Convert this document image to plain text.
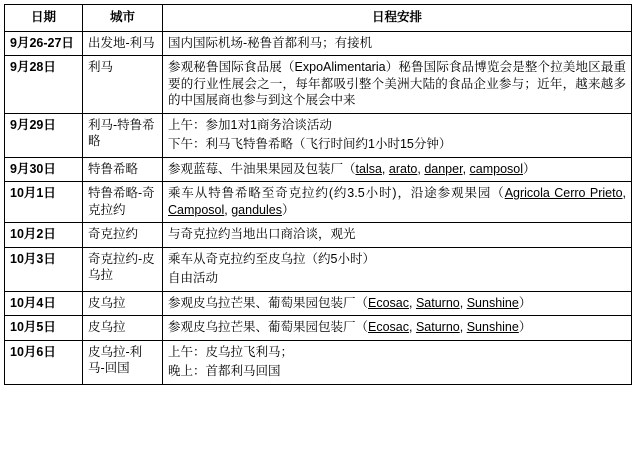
日期	城市	日程安排
9月26-27日	出发地-利马	国内国际机场-秘鲁首都利马；有接机

9月28日	利马	参观秘鲁国际食品展（ExpoAlimentaria）秘鲁国际食品博览会是整个拉美地区最重要的行业性展会之一，每年都吸引整个美洲大陆的食品企业参与；近年，越来越多的中国展商也参与到这个展会中来

9月29日	利马-特鲁希略	上午：参加1对1商务洽谈活动
下午：利马飞特鲁希略（飞行时间约1小时15分钟）

9月30日	特鲁希略	参观蓝莓、牛油果果园及包装厂（talsa, arato, danper, camposol）

10月1日	特鲁希略-奇克拉约	乘车从特鲁希略至奇克拉约(约3.5小时)，沿途参观果园（Agricola Cerro Prieto, Camposol, gandules）

10月2日	奇克拉约	与奇克拉约当地出口商洽谈，观光

10月3日	奇克拉约-皮乌拉	乘车从奇克拉约至皮乌拉（约5小时）
自由活动

10月4日	皮乌拉	参观皮乌拉芒果、葡萄果园包装厂（Ecosac, Saturno, Sunshine）

10月5日	皮乌拉	参观皮乌拉芒果、葡萄果园包装厂（Ecosac, Saturno, Sunshine）

10月6日	皮乌拉-利马-回国	上午：皮乌拉飞利马；
晚上：首都利马回国
